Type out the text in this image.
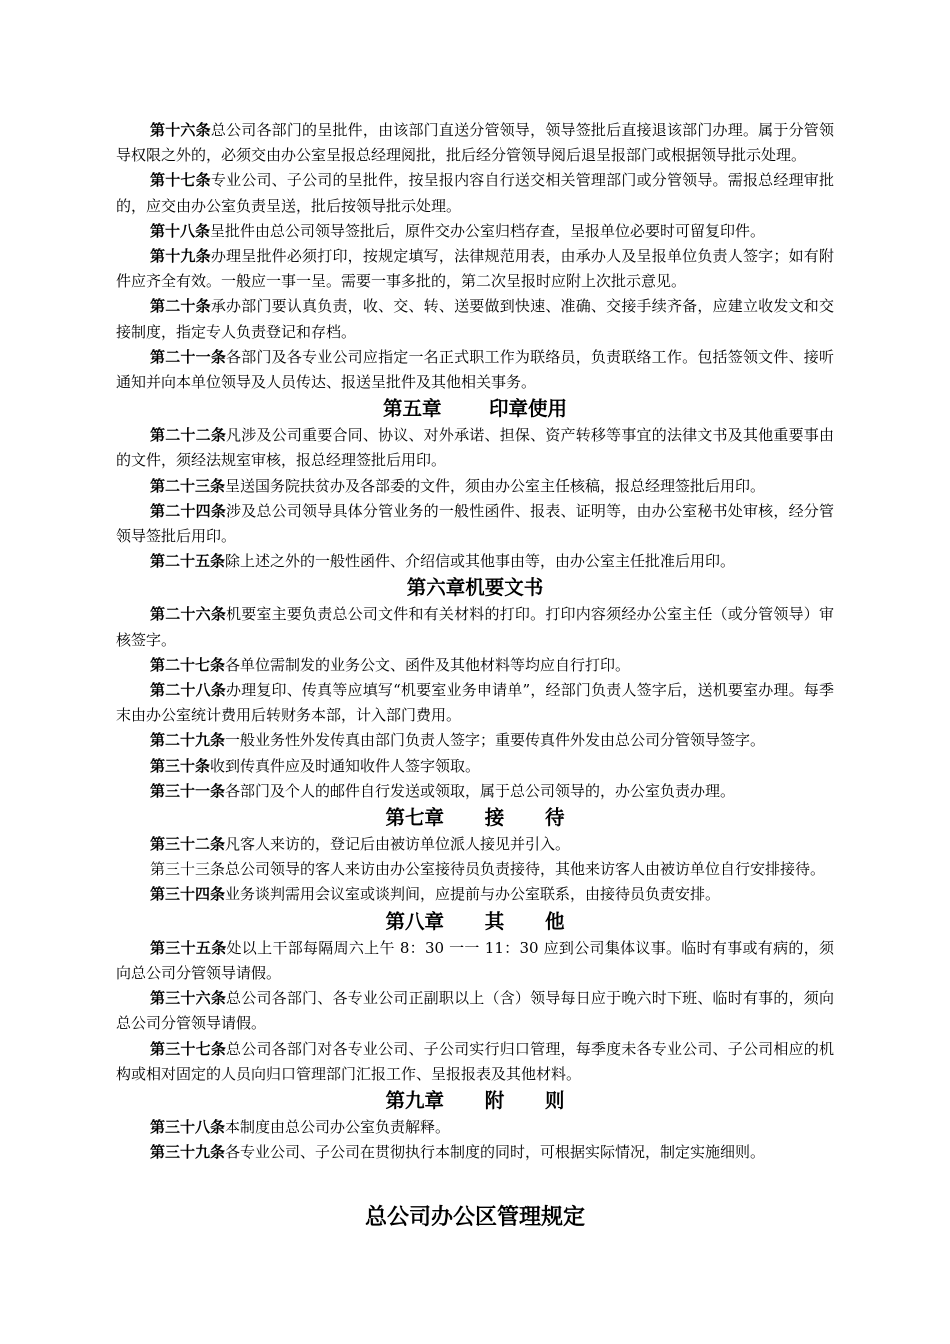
第十六条总公司各部门的呈批件，由该部门直送分管领导，领导签批后直接退该部门办理。属于分管领导权限之外的，必须交由办公室呈报总经理阅批，批后经分管领导阅后退呈报部门或根据领导批示处理。

第十七条专业公司、子公司的呈批件，按呈报内容自行送交相关管理部门或分管领导。需报总经理审批的，应交由办公室负责呈送，批后按领导批示处理。

第十八条呈批件由总公司领导签批后，原件交办公室归档存查，呈报单位必要时可留复印件。

第十九条办理呈批件必须打印，按规定填写，法律规范用表，由承办人及呈报单位负责人签字；如有附件应齐全有效。一般应一事一呈。需要一事多批的，第二次呈报时应附上次批示意见。

第二十条承办部门要认真负责，收、交、转、送要做到快速、准确、交接手续齐备，应建立收发文和交接制度，指定专人负责登记和存档。

第二十一条各部门及各专业公司应指定一名正式职工作为联络员，负责联络工作。包括签领文件、接听通知并向本单位领导及人员传达、报送呈批件及其他相关事务。

第五章       印章使用

第二十二条凡涉及公司重要合同、协议、对外承诺、担保、资产转移等事宜的法律文书及其他重要事由的文件，须经法规室审核，报总经理签批后用印。

第二十三条呈送国务院扶贫办及各部委的文件，须由办公室主任核稿，报总经理签批后用印。

第二十四条涉及总公司领导具体分管业务的一般性函件、报表、证明等，由办公室秘书处审核，经分管领导签批后用印。

第二十五条除上述之外的一般性函件、介绍信或其他事由等，由办公室主任批准后用印。

第六章机要文书

第二十六条机要室主要负责总公司文件和有关材料的打印。打印内容须经办公室主任（或分管领导）审核签字。

第二十七条各单位需制发的业务公文、函件及其他材料等均应自行打印。

第二十八条办理复印、传真等应填写“机要室业务申请单”，经部门负责人签字后，送机要室办理。每季末由办公室统计费用后转财务本部，计入部门费用。

第二十九条一般业务性外发传真由部门负责人签字；重要传真件外发由总公司分管领导签字。

第三十条收到传真件应及时通知收件人签字领取。

第三十一条各部门及个人的邮件自行发送或领取，属于总公司领导的，办公室负责办理。

第七章      接      待

第三十二条凡客人来访的，登记后由被访单位派人接见并引入。

第三十三条总公司领导的客人来访由办公室接待员负责接待，其他来访客人由被访单位自行安排接待。

第三十四条业务谈判需用会议室或谈判间，应提前与办公室联系，由接待员负责安排。

第八章      其      他

第三十五条处以上干部每隔周六上午 8：30 一一 11：30 应到公司集体议事。临时有事或有病的，须向总公司分管领导请假。

第三十六条总公司各部门、各专业公司正副职以上（含）领导每日应于晚六时下班、临时有事的，须向总公司分管领导请假。

第三十七条总公司各部门对各专业公司、子公司实行归口管理，每季度未各专业公司、子公司相应的机构或相对固定的人员向归口管理部门汇报工作、呈报报表及其他材料。

第九章      附      则

第三十八条本制度由总公司办公室负责解释。

第三十九条各专业公司、子公司在贯彻执行本制度的同时，可根据实际情况，制定实施细则。

总公司办公区管理规定
